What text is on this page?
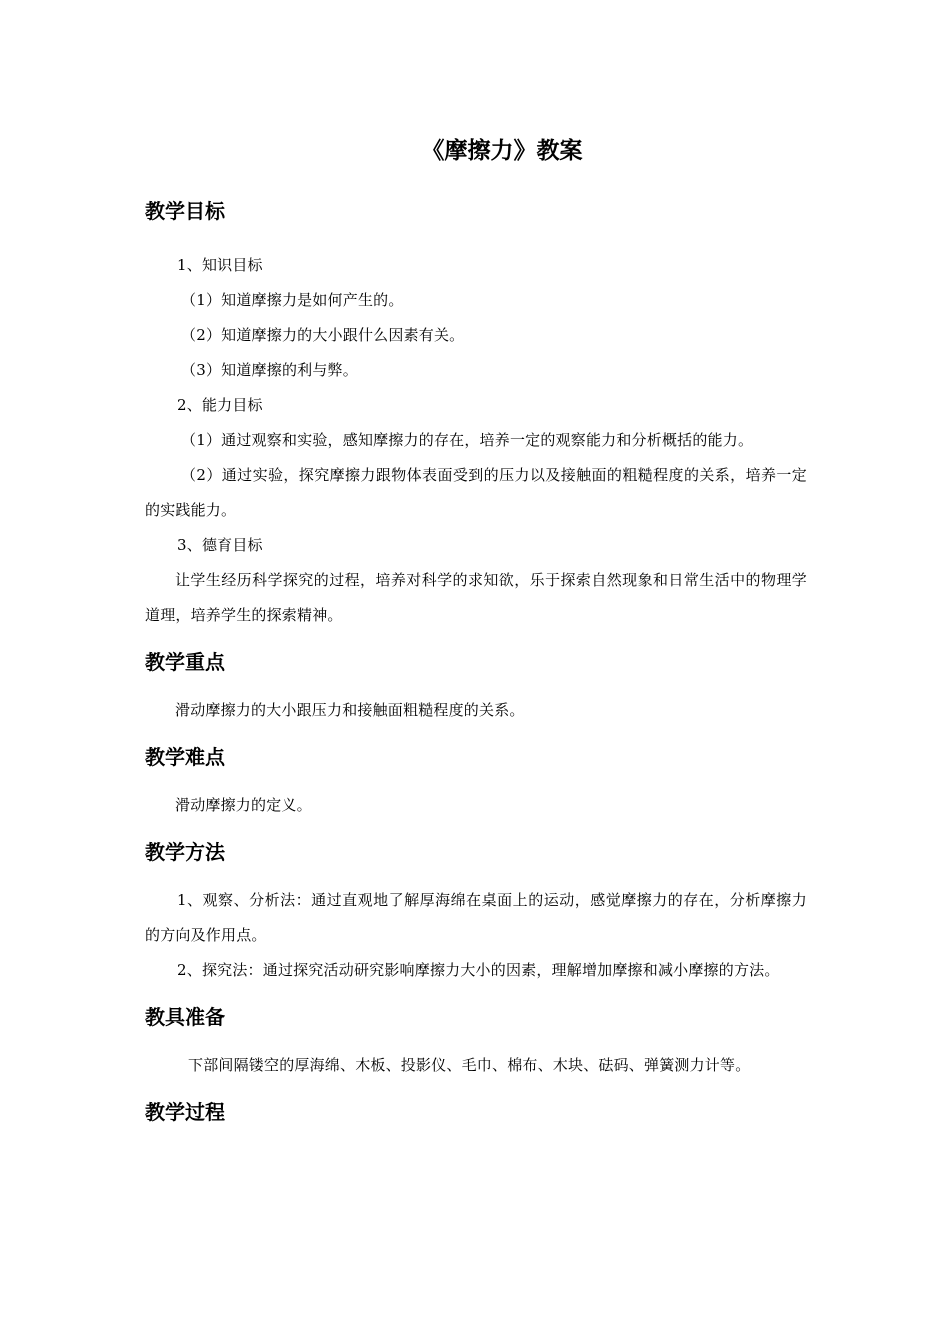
《摩擦力》教案
教学目标

1、知识目标

（1）知道摩擦力是如何产生的。

（2）知道摩擦力的大小跟什么因素有关。

（3）知道摩擦的利与弊。

2、能力目标

（1）通过观察和实验，感知摩擦力的存在，培养一定的观察能力和分析概括的能力。

（2）通过实验，探究摩擦力跟物体表面受到的压力以及接触面的粗糙程度的关系，培养一定的实践能力。

3、德育目标

让学生经历科学探究的过程，培养对科学的求知欲，乐于探索自然现象和日常生活中的物理学道理，培养学生的探索精神。

教学重点

滑动摩擦力的大小跟压力和接触面粗糙程度的关系。

教学难点

滑动摩擦力的定义。

教学方法

1、观察、分析法：通过直观地了解厚海绵在桌面上的运动，感觉摩擦力的存在，分析摩擦力的方向及作用点。

2、探究法：通过探究活动研究影响摩擦力大小的因素，理解增加摩擦和减小摩擦的方法。

教具准备

下部间隔镂空的厚海绵、木板、投影仪、毛巾、棉布、木块、砝码、弹簧测力计等。

教学过程
